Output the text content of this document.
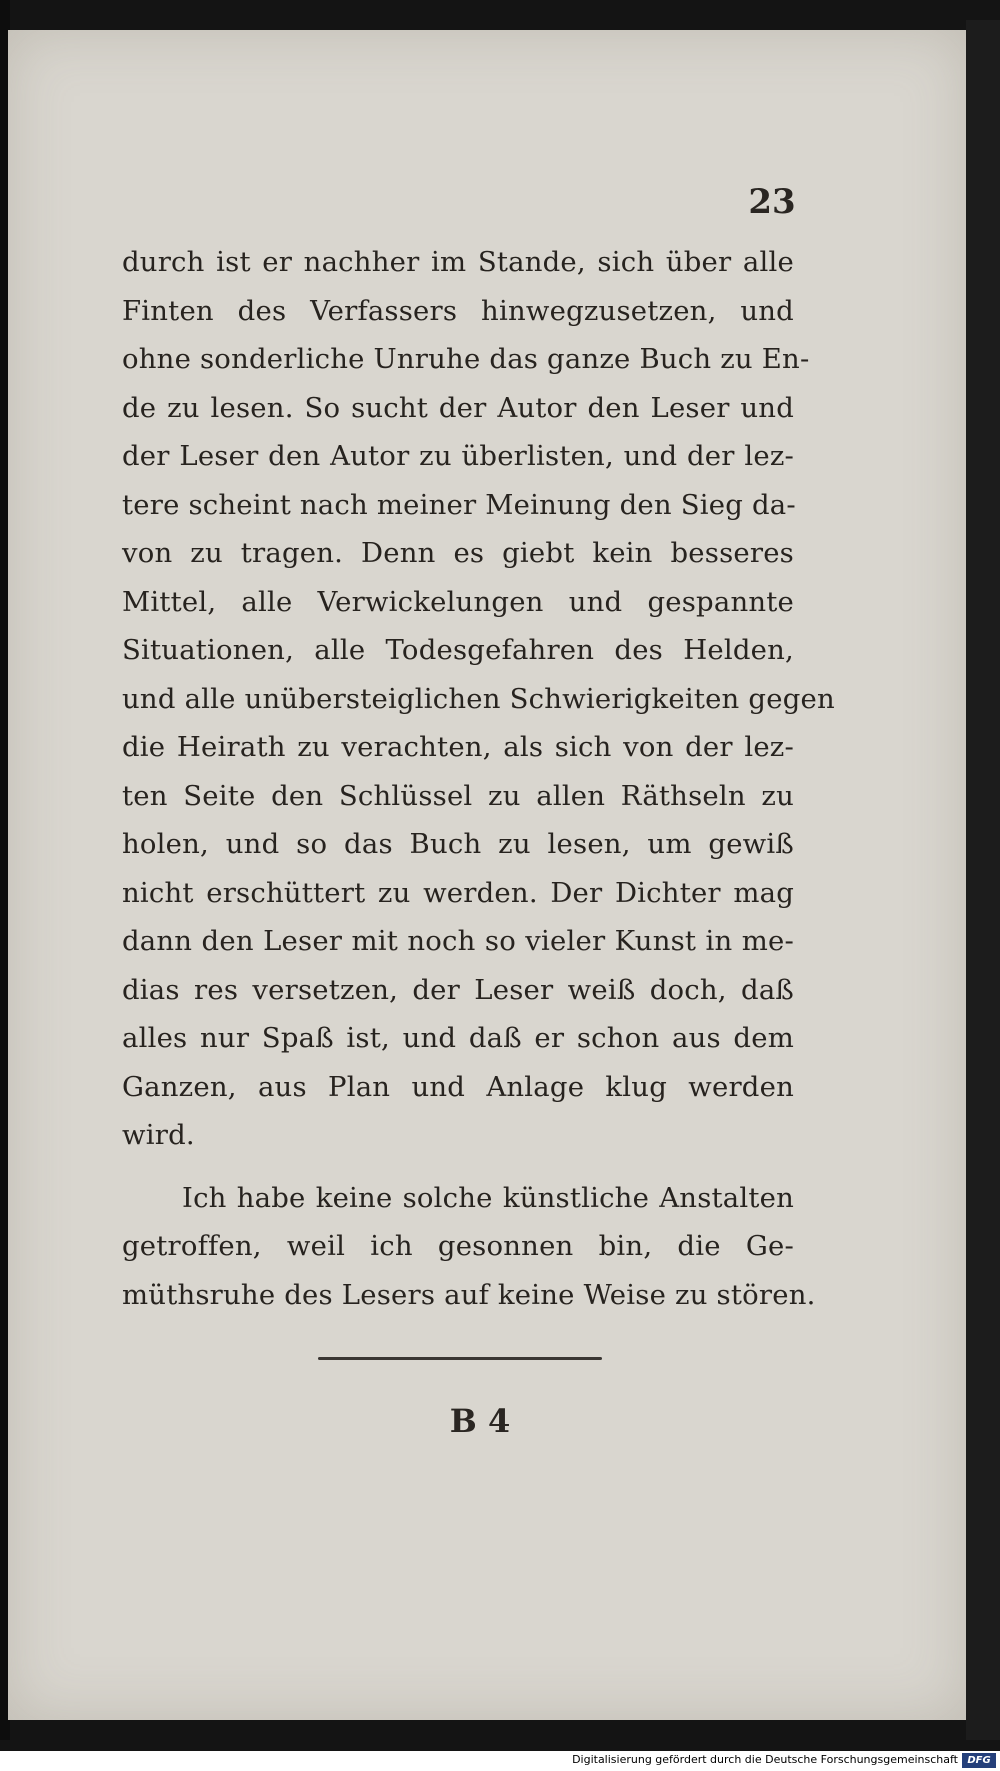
23
durch ist er nachher im Stande, sich über alle
Finten des Verfassers hinwegzusetzen, und
ohne sonderliche Unruhe das ganze Buch zu En-
de zu lesen. So sucht der Autor den Leser und
der Leser den Autor zu überlisten, und der lez-
tere scheint nach meiner Meinung den Sieg da-
von zu tragen. Denn es giebt kein besseres
Mittel, alle Verwickelungen und gespannte
Situationen, alle Todesgefahren des Helden,
und alle unübersteiglichen Schwierigkeiten gegen
die Heirath zu verachten, als sich von der lez-
ten Seite den Schlüssel zu allen Räthseln zu
holen, und so das Buch zu lesen, um gewiß
nicht erschüttert zu werden. Der Dichter mag
dann den Leser mit noch so vieler Kunst in me-
dias res versetzen, der Leser weiß doch, daß
alles nur Spaß ist, und daß er schon aus dem
Ganzen, aus Plan und Anlage klug werden
wird.
Ich habe keine solche künstliche Anstalten
getroffen, weil ich gesonnen bin, die Ge-
müthsruhe des Lesers auf keine Weise zu stören.
B 4
Digitalisierung gefördert durch die Deutsche Forschungsgemeinschaft DFG
